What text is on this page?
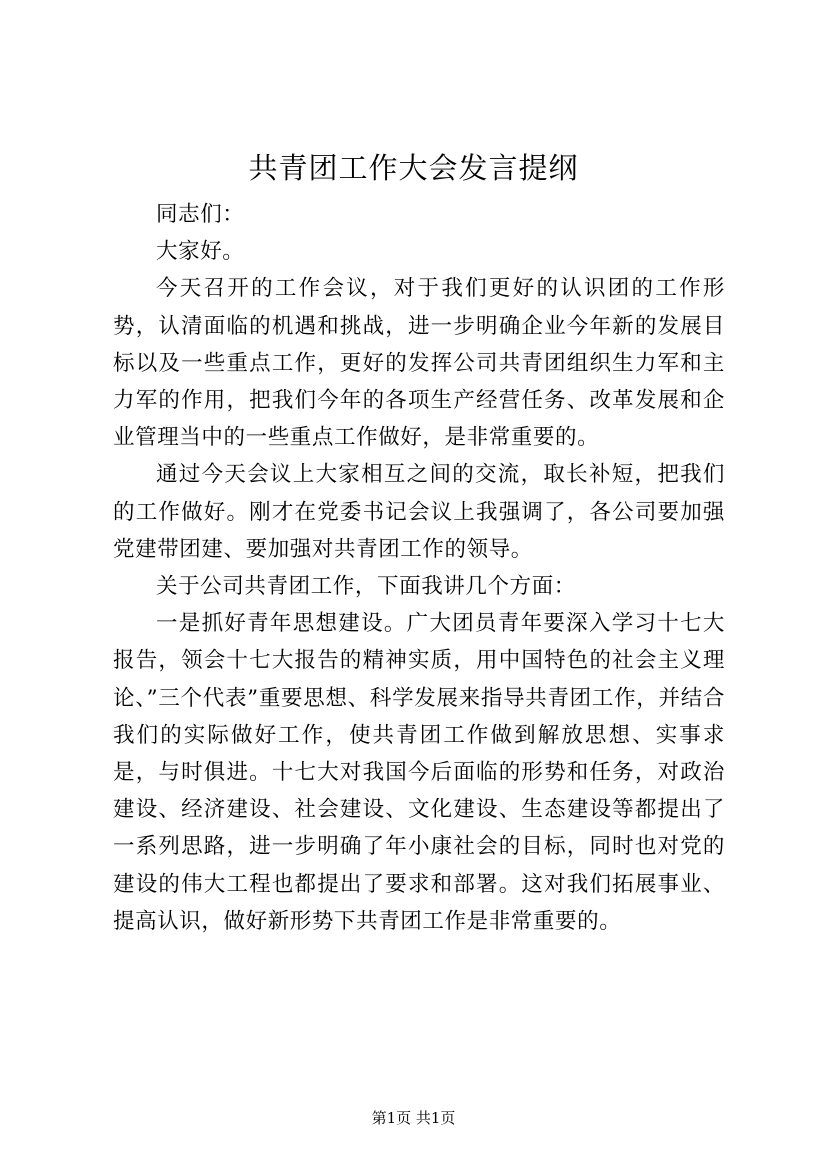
共青团工作大会发言提纲

同志们：

大家好。

今天召开的工作会议，对于我们更好的认识团的工作形势，认清面临的机遇和挑战，进一步明确企业今年新的发展目标以及一些重点工作，更好的发挥公司共青团组织生力军和主力军的作用，把我们今年的各项生产经营任务、改革发展和企业管理当中的一些重点工作做好，是非常重要的。

通过今天会议上大家相互之间的交流，取长补短，把我们的工作做好。刚才在党委书记会议上我强调了，各公司要加强党建带团建、要加强对共青团工作的领导。

关于公司共青团工作，下面我讲几个方面：

一是抓好青年思想建设。广大团员青年要深入学习十七大报告，领会十七大报告的精神实质，用中国特色的社会主义理论、”三个代表”重要思想、科学发展来指导共青团工作，并结合我们的实际做好工作，使共青团工作做到解放思想、实事求是，与时俱进。十七大对我国今后面临的形势和任务，对政治建设、经济建设、社会建设、文化建设、生态建设等都提出了一系列思路，进一步明确了年小康社会的目标，同时也对党的建设的伟大工程也都提出了要求和部署。这对我们拓展事业、提高认识，做好新形势下共青团工作是非常重要的。

第1页 共1页
